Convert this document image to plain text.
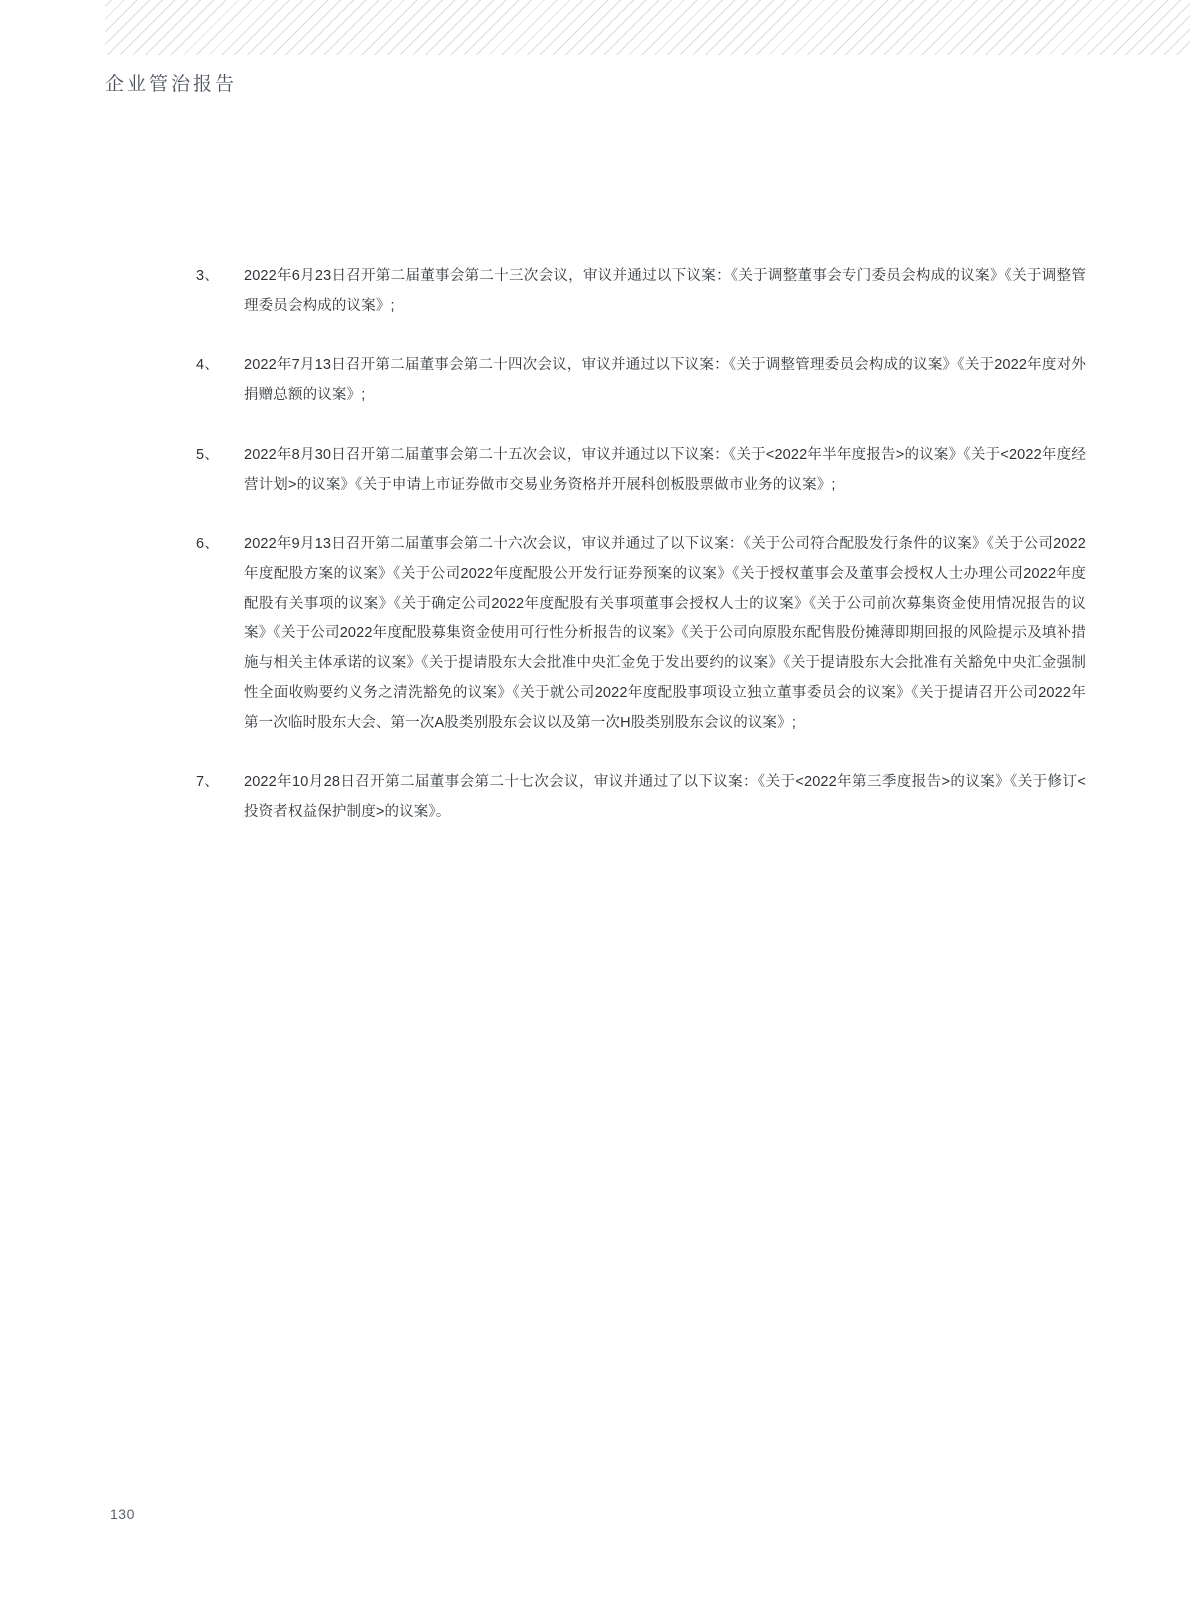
企业管治报告
3、	2022年6月23日召开第二届董事会第二十三次会议，审议并通过以下议案：《关于调整董事会专门委员会构成的议案》《关于调整管理委员会构成的议案》;
4、	2022年7月13日召开第二届董事会第二十四次会议，审议并通过以下议案：《关于调整管理委员会构成的议案》《关于2022年度对外捐赠总额的议案》;
5、	2022年8月30日召开第二届董事会第二十五次会议，审议并通过以下议案：《关于<2022年半年度报告>的议案》《关于<2022年度经营计划>的议案》《关于申请上市证券做市交易业务资格并开展科创板股票做市业务的议案》;
6、	2022年9月13日召开第二届董事会第二十六次会议，审议并通过了以下议案：《关于公司符合配股发行条件的议案》《关于公司2022年度配股方案的议案》《关于公司2022年度配股公开发行证券预案的议案》《关于授权董事会及董事会授权人士办理公司2022年度配股有关事项的议案》《关于确定公司2022年度配股有关事项董事会授权人士的议案》《关于公司前次募集资金使用情况报告的议案》《关于公司2022年度配股募集资金使用可行性分析报告的议案》《关于公司向原股东配售股份摊薄即期回报的风险提示及填补措施与相关主体承诺的议案》《关于提请股东大会批准中央汇金免于发出要约的议案》《关于提请股东大会批准有关豁免中央汇金强制性全面收购要约义务之清洗豁免的议案》《关于就公司2022年度配股事项设立独立董事委员会的议案》《关于提请召开公司2022年第一次临时股东大会、第一次A股类别股东会议以及第一次H股类别股东会议的议案》;
7、	2022年10月28日召开第二届董事会第二十七次会议，审议并通过了以下议案：《关于<2022年第三季度报告>的议案》《关于修订<投资者权益保护制度>的议案》。
130
